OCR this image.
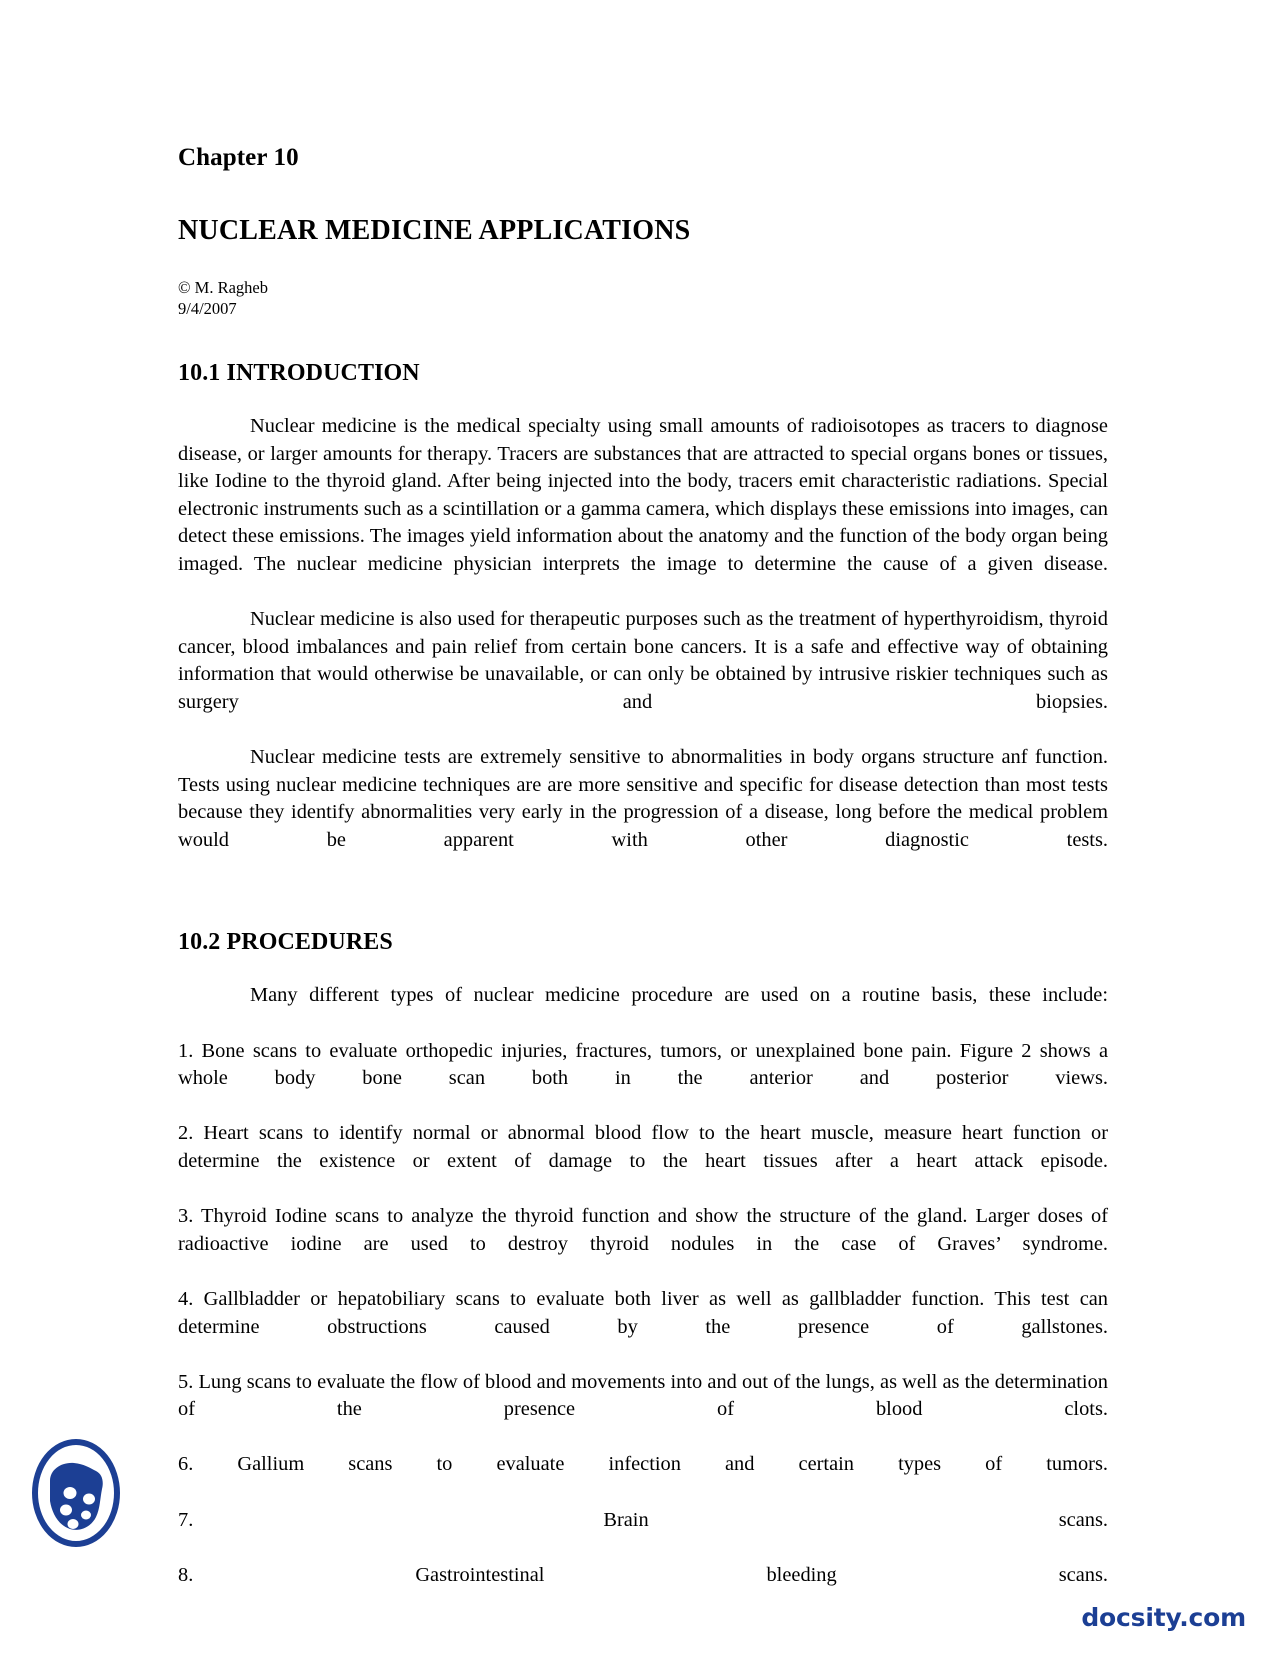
Chapter 10
NUCLEAR MEDICINE APPLICATIONS
© M. Ragheb
9/4/2007
10.1 INTRODUCTION

Nuclear medicine is the medical specialty using small amounts of radioisotopes as tracers to diagnose disease, or larger amounts for therapy. Tracers are substances that are attracted to special organs bones or tissues, like Iodine to the thyroid gland. After being injected into the body, tracers emit characteristic radiations. Special electronic instruments such as a scintillation or a gamma camera, which displays these emissions into images, can detect these emissions. The images yield information about the anatomy and the function of the body organ being imaged. The nuclear medicine physician interprets the image to determine the cause of a given disease.

Nuclear medicine is also used for therapeutic purposes such as the treatment of hyperthyroidism, thyroid cancer, blood imbalances and pain relief from certain bone cancers. It is a safe and effective way of obtaining information that would otherwise be unavailable, or can only be obtained by intrusive riskier techniques such as surgery and biopsies.

Nuclear medicine tests are extremely sensitive to abnormalities in body organs structure anf function. Tests using nuclear medicine techniques are are more sensitive and specific for disease detection than most tests because they identify abnormalities very early in the progression of a disease, long before the medical problem would be apparent with other diagnostic tests.

10.2 PROCEDURES

Many different types of nuclear medicine procedure are used on a routine basis, these include:

1. Bone scans to evaluate orthopedic injuries, fractures, tumors, or unexplained bone pain. Figure 2 shows a whole body bone scan both in the anterior and posterior views.

2. Heart scans to identify normal or abnormal blood flow to the heart muscle, measure heart function or determine the existence or extent of damage to the heart tissues after a heart attack episode.

3. Thyroid Iodine scans to analyze the thyroid function and show the structure of the gland. Larger doses of radioactive iodine are used to destroy thyroid nodules in the case of Graves’ syndrome.

4. Gallbladder or hepatobiliary scans to evaluate both liver as well as gallbladder function. This test can determine obstructions caused by the presence of gallstones.

5. Lung scans to evaluate the flow of blood and movements into and out of the lungs, as well as the determination of the presence of blood clots.

6. Gallium scans to evaluate infection and certain types of tumors.

7. Brain scans.

8. Gastrointestinal bleeding scans.

docsity.com
